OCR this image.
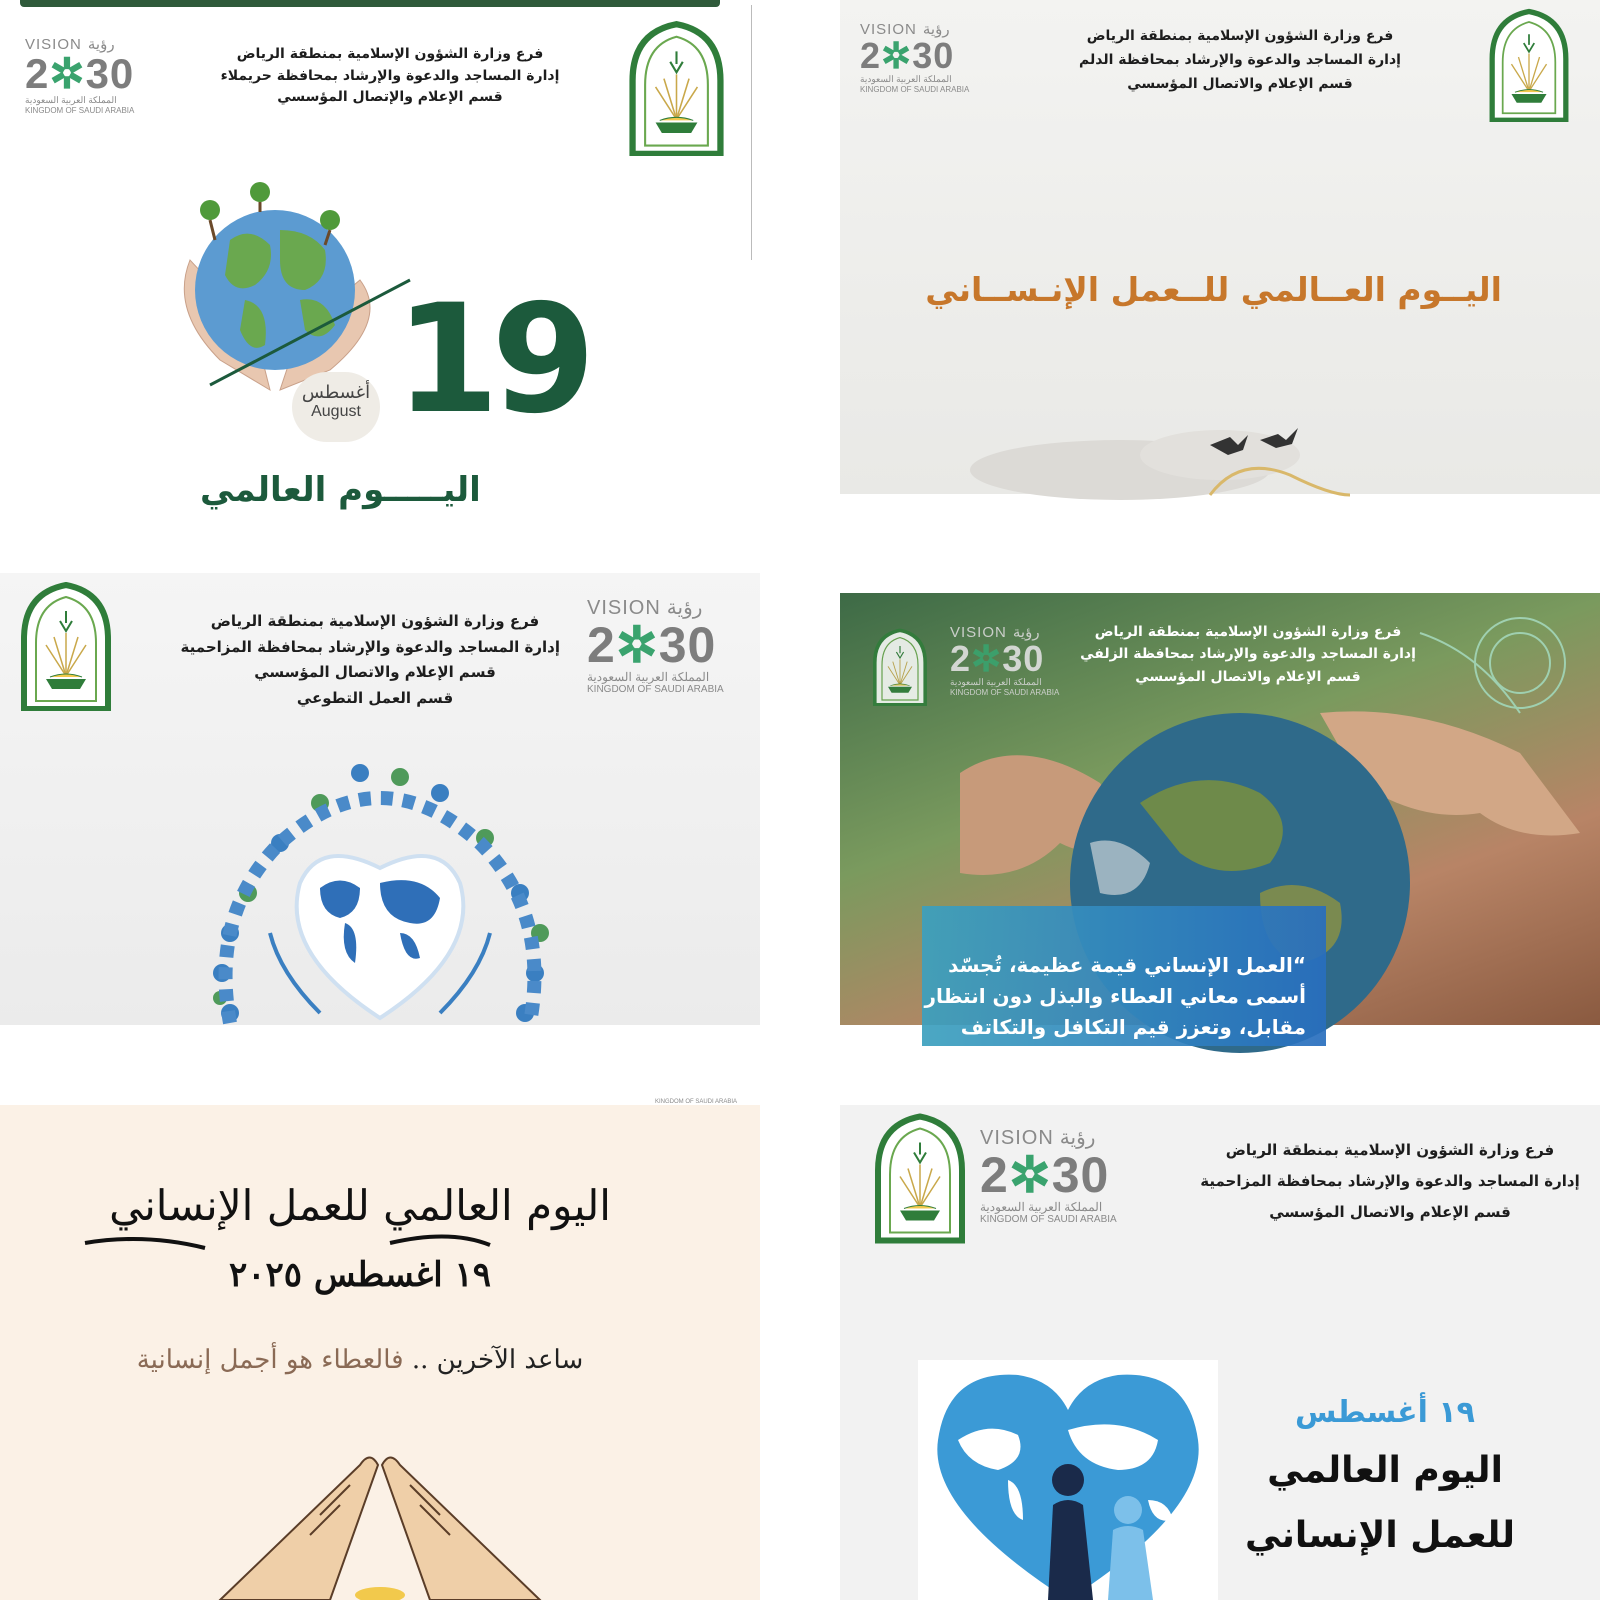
VISION رؤية
2✲30
المملكة العربية السعودية
KINGDOM OF SAUDI ARABIA
فرع وزارة الشؤون الإسلامية بمنطقة الرياض
إدارة المساجد والدعوة والإرشاد بمحافظة حريملاء
قسم الإعلام والإتصال المؤسسي
19
أغسطس
August
اليـــــوم العالمي
VISION رؤية
2✲30
المملكة العربية السعودية
KINGDOM OF SAUDI ARABIA
فرع وزارة الشؤون الإسلامية بمنطقة الرياض
إدارة المساجد والدعوة والإرشاد بمحافظة الدلم
قسم الإعلام والاتصال المؤسسي
اليــوم العــالمي للــعمل الإنـســاني
فرع وزارة الشؤون الإسلامية بمنطقة الرياض
إدارة المساجد والدعوة والإرشاد بمحافظة المزاحمية
قسم الإعلام والاتصال المؤسسي
قسم العمل التطوعي
VISION رؤية
2✲30
المملكة العربية السعودية
KINGDOM OF SAUDI ARABIA
VISION رؤية
2✲30
المملكة العربية السعودية
KINGDOM OF SAUDI ARABIA
فرع وزارة الشؤون الإسلامية بمنطقة الرياض
إدارة المساجد والدعوة والإرشاد بمحافظة الزلفي
قسم الإعلام والاتصال المؤسسي
“العمل الإنساني قيمة عظيمة، تُجسّد
أسمى معاني العطاء والبذل دون انتظار
مقابل، وتعزز قيم التكافل والتكاتف
KINGDOM OF SAUDI ARABIA
اليوم العالمي للعمل الإنساني
١٩ اغسطس ٢٠٢٥
ساعد الآخرين .. فالعطاء هو أجمل إنسانية
VISION رؤية
2✲30
المملكة العربية السعودية
KINGDOM OF SAUDI ARABIA
فرع وزارة الشؤون الإسلامية بمنطقة الرياض
إدارة المساجد والدعوة والإرشاد بمحافظة المزاحمية
قسم الإعلام والاتصال المؤسسي
١٩ أغسطس
اليوم العالمي
للعمل الإنساني
